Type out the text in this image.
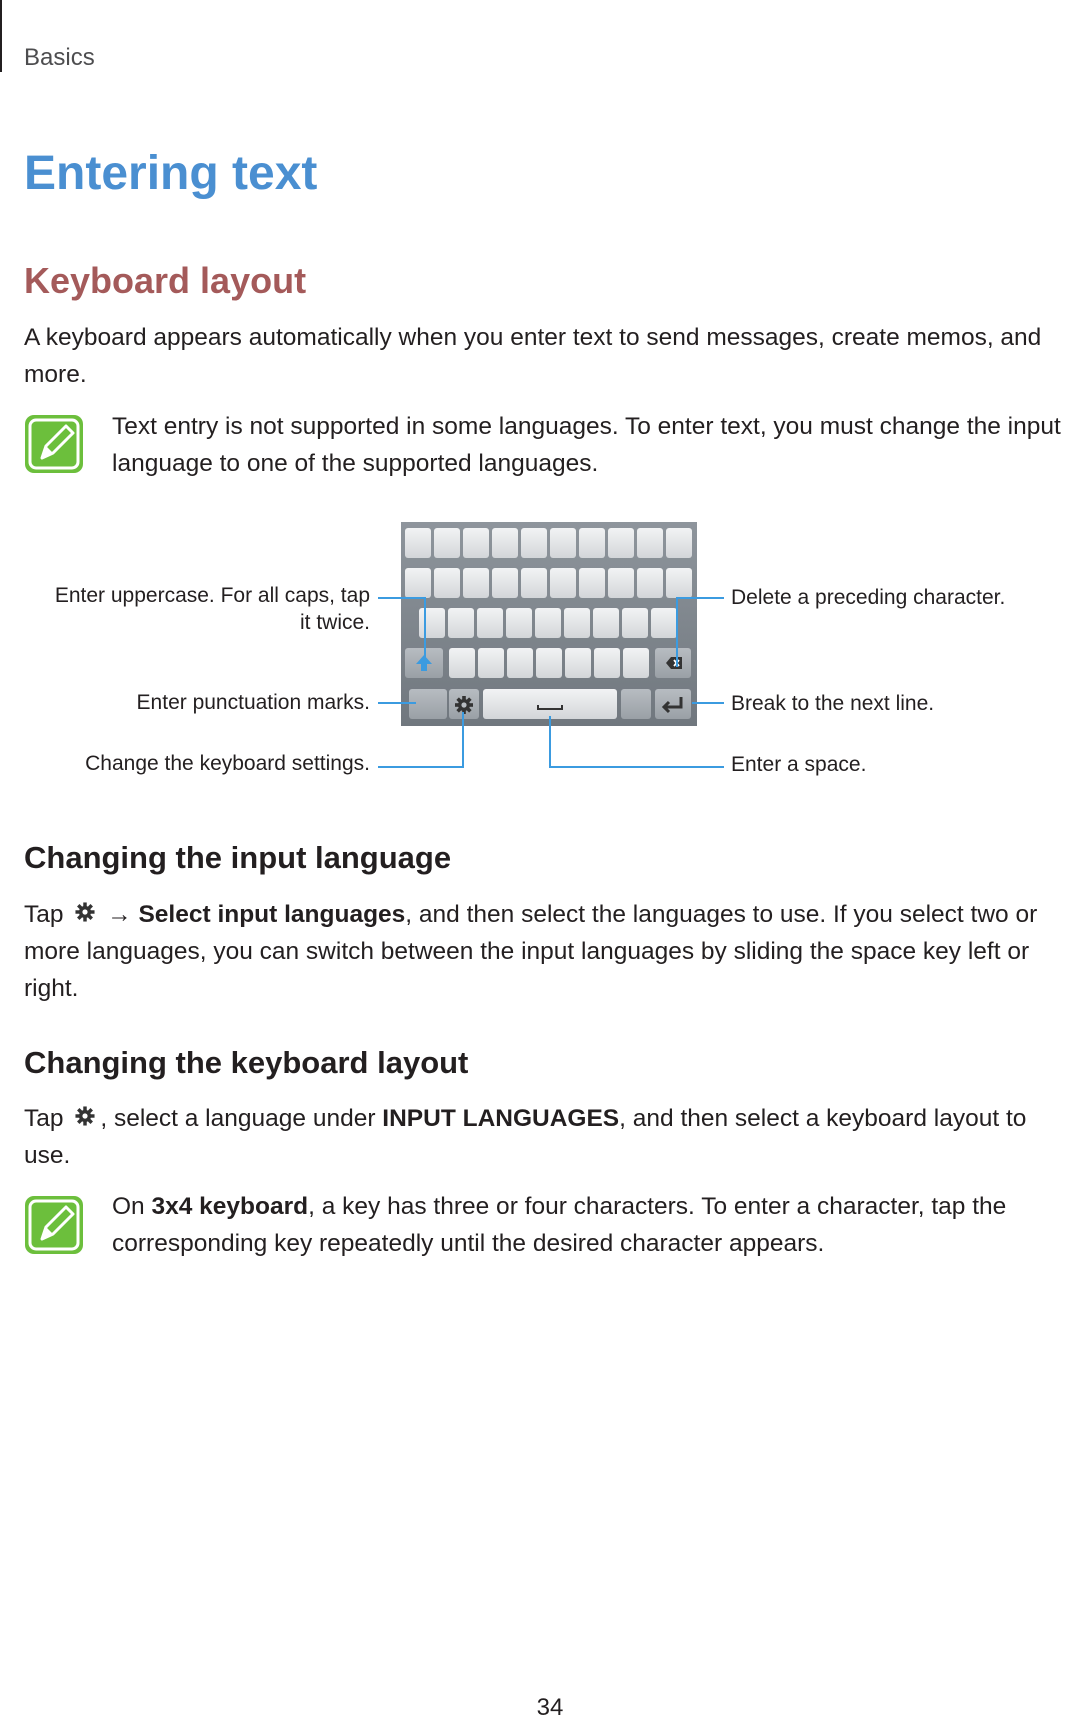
Basics
Entering text
Keyboard layout
A keyboard appears automatically when you enter text to send messages, create memos, and more.
Text entry is not supported in some languages. To enter text, you must change the input language to one of the supported languages.
Enter uppercase. For all caps, tap
it twice.
Enter punctuation marks.
Change the keyboard settings.
Delete a preceding character.
Break to the next line.
Enter a space.
Changing the input language
Tap → Select input languages, and then select the languages to use. If you select two or more languages, you can switch between the input languages by sliding the space key left or right.
Changing the keyboard layout
Tap , select a language under INPUT LANGUAGES, and then select a keyboard layout to use.
On 3x4 keyboard, a key has three or four characters. To enter a character, tap the corresponding key repeatedly until the desired character appears.
34
